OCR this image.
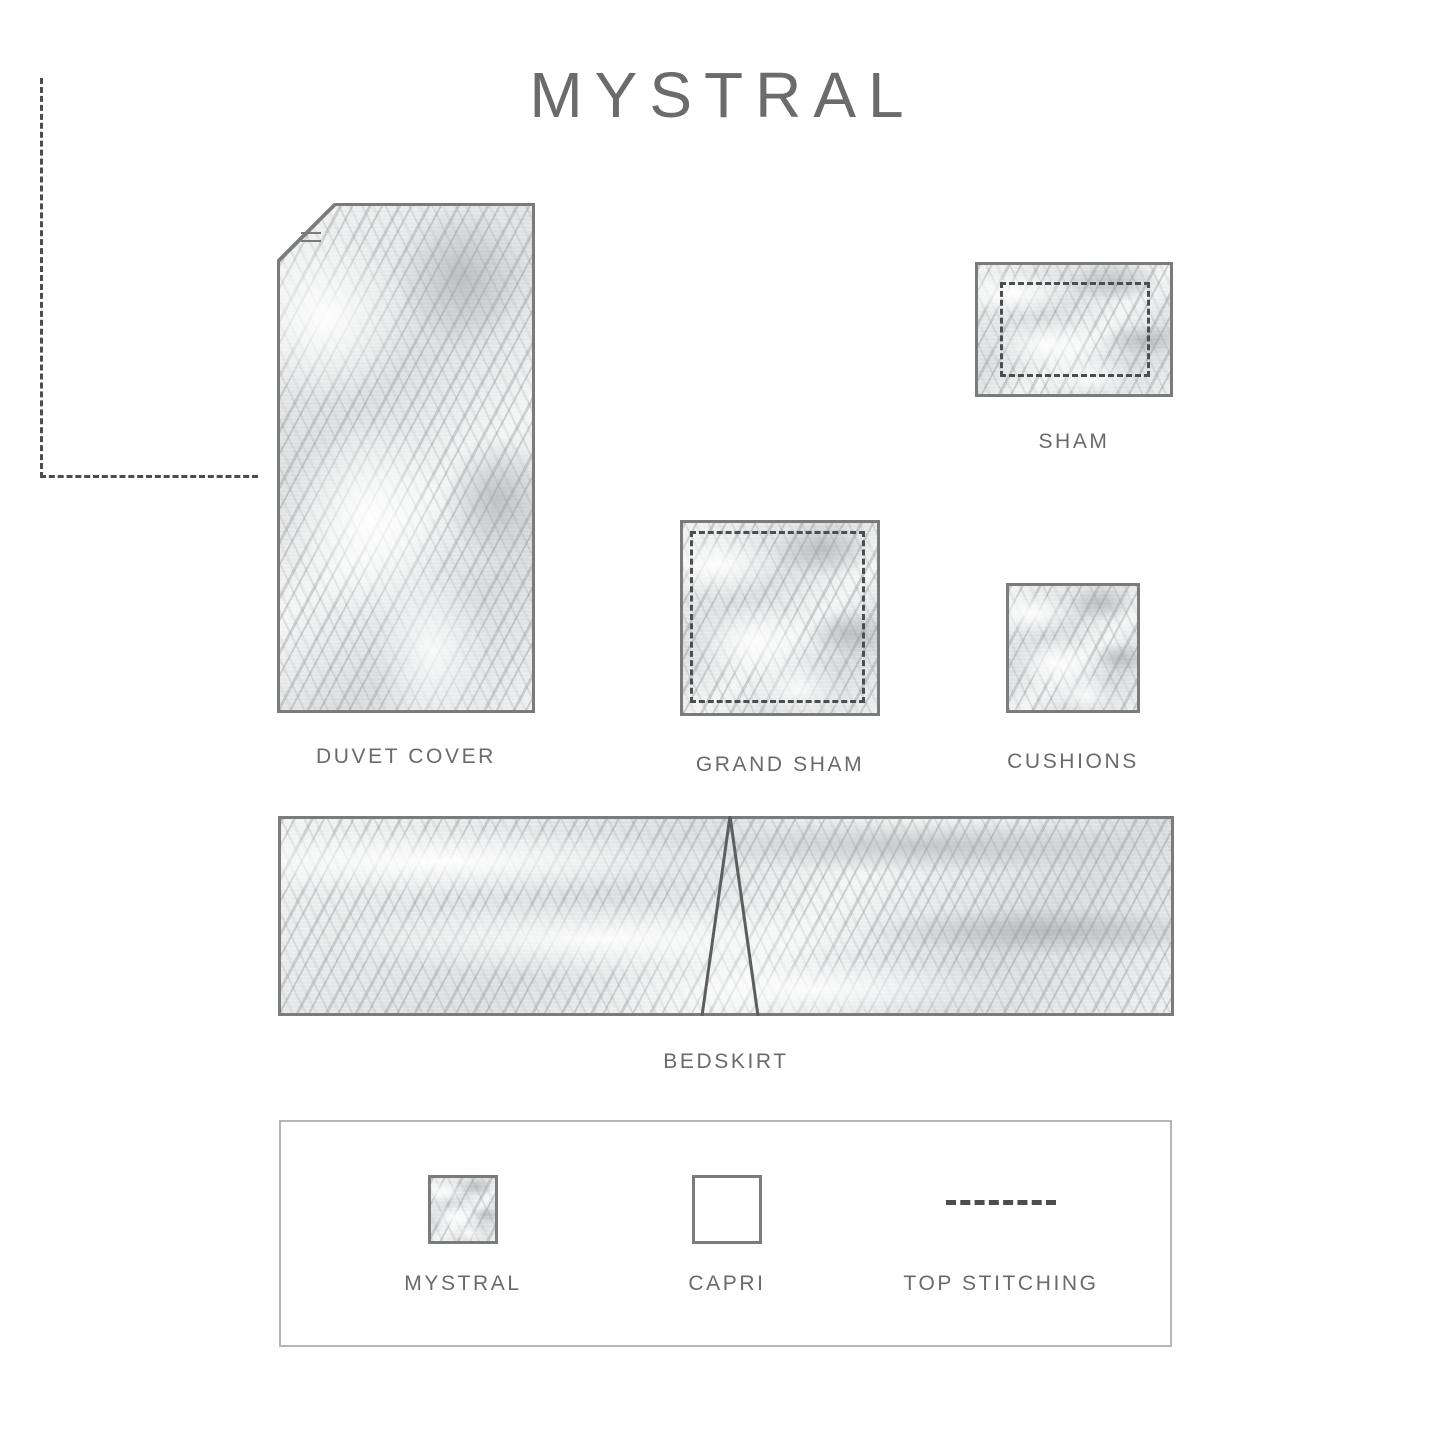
MYSTRAL
DUVET COVER
SHAM
GRAND SHAM	CUSHIONS
BEDSKIRT
MYSTRAL	CAPRI	TOP STITCHING
